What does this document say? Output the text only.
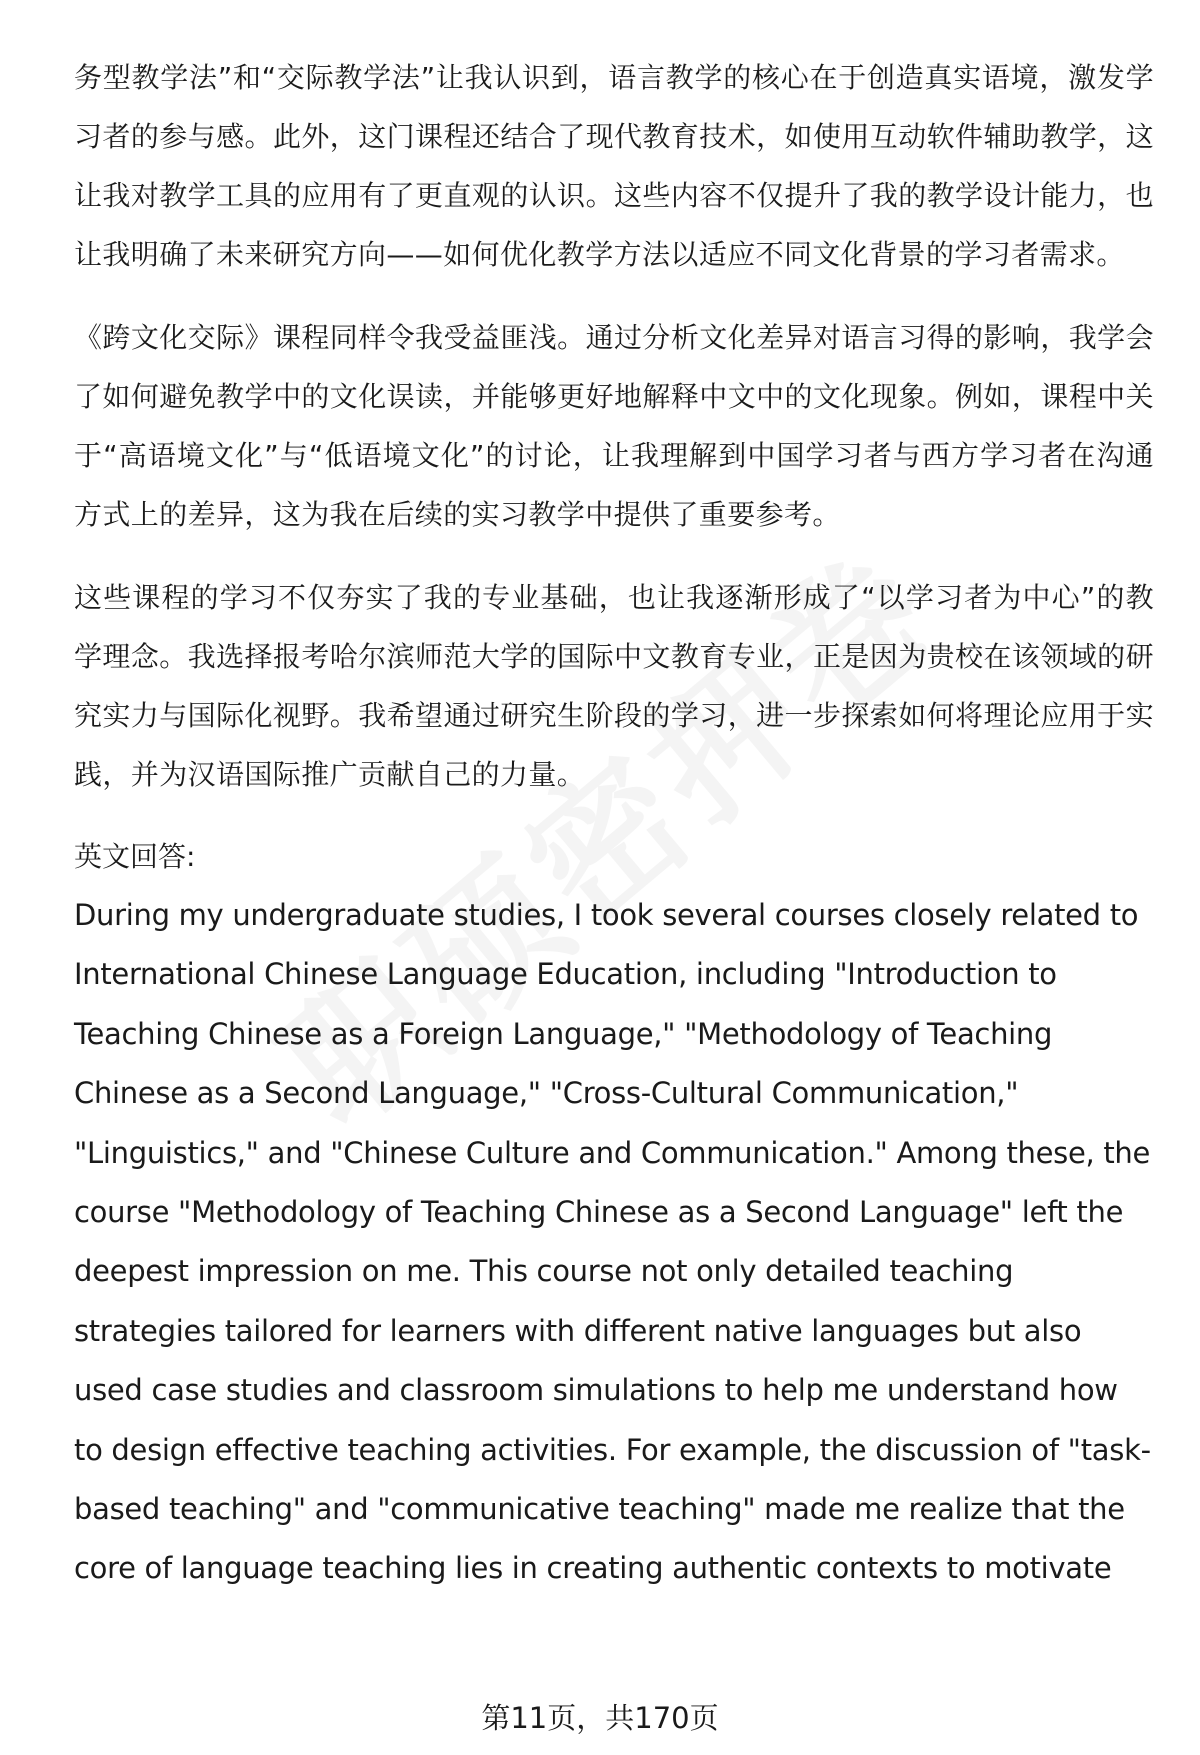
务型教学法”和“交际教学法”让我认识到，语言教学的核心在于创造真实语境，激发学习者的参与感。此外，这门课程还结合了现代教育技术，如使用互动软件辅助教学，这让我对教学工具的应用有了更直观的认识。这些内容不仅提升了我的教学设计能力，也让我明确了未来研究方向——如何优化教学方法以适应不同文化背景的学习者需求。

《跨文化交际》课程同样令我受益匪浅。通过分析文化差异对语言习得的影响，我学会了如何避免教学中的文化误读，并能够更好地解释中文中的文化现象。例如，课程中关于“高语境文化”与“低语境文化”的讨论，让我理解到中国学习者与西方学习者在沟通方式上的差异，这为我在后续的实习教学中提供了重要参考。

这些课程的学习不仅夯实了我的专业基础，也让我逐渐形成了“以学习者为中心”的教学理念。我选择报考哈尔滨师范大学的国际中文教育专业，正是因为贵校在该领域的研究实力与国际化视野。我希望通过研究生阶段的学习，进一步探索如何将理论应用于实践，并为汉语国际推广贡献自己的力量。

英文回答:

During my undergraduate studies, I took several courses closely related to International Chinese Language Education, including "Introduction to Teaching Chinese as a Foreign Language," "Methodology of Teaching Chinese as a Second Language," "Cross-Cultural Communication," "Linguistics," and "Chinese Culture and Communication." Among these, the course "Methodology of Teaching Chinese as a Second Language" left the deepest impression on me. This course not only detailed teaching strategies tailored for learners with different native languages but also used case studies and classroom simulations to help me understand how to design effective teaching activities. For example, the discussion of "task-based teaching" and "communicative teaching" made me realize that the core of language teaching lies in creating authentic contexts to motivate

第11页，共170页
